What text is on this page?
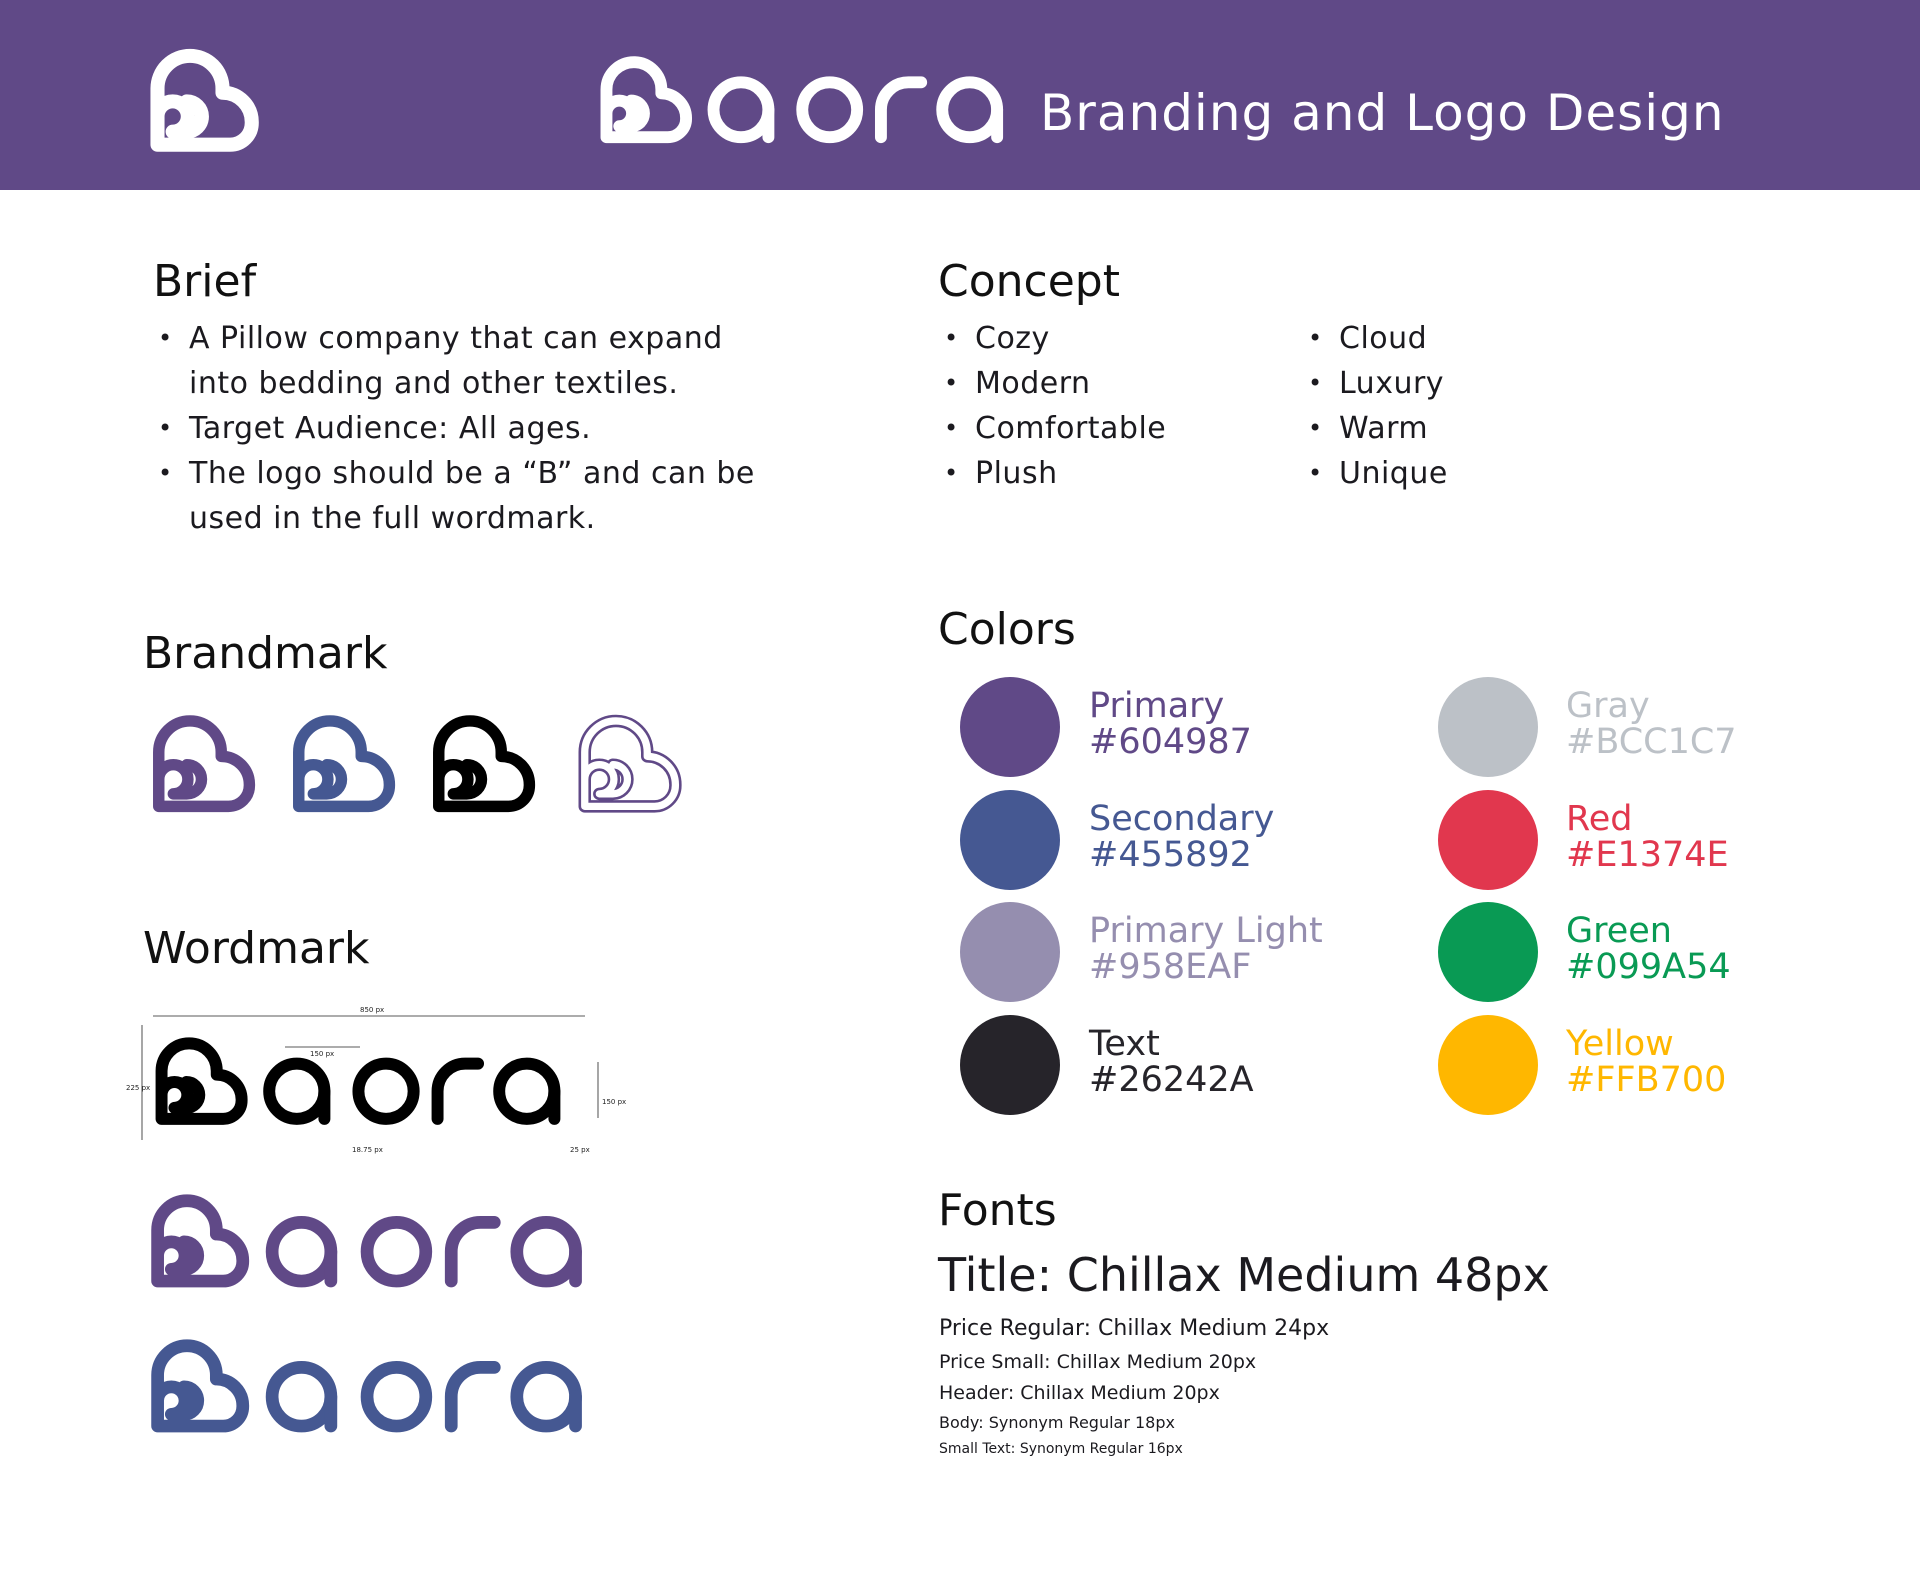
Branding and Logo Design
Brief
• A Pillow company that can expand into bedding and other textiles.
• Target Audience: All ages.
• The logo should be a “B” and can be used in the full wordmark.
Concept
• Cozy
• Modern
• Comfortable
• Plush
• Cloud
• Luxury
• Warm
• Unique
Brandmark
Wordmark
850 px
150 px
225 px
150 px
18.75 px	25 px
Colors
Primary
#604987
Secondary
#455892
Primary Light
#958EAF
Text
#26242A
Gray
#BCC1C7
Red
#E1374E
Green
#099A54
Yellow
#FFB700
Fonts
Title: Chillax Medium 48px
Price Regular: Chillax Medium 24px
Price Small: Chillax Medium 20px
Header: Chillax Medium 20px
Body: Synonym Regular 18px
Small Text: Synonym Regular 16px
